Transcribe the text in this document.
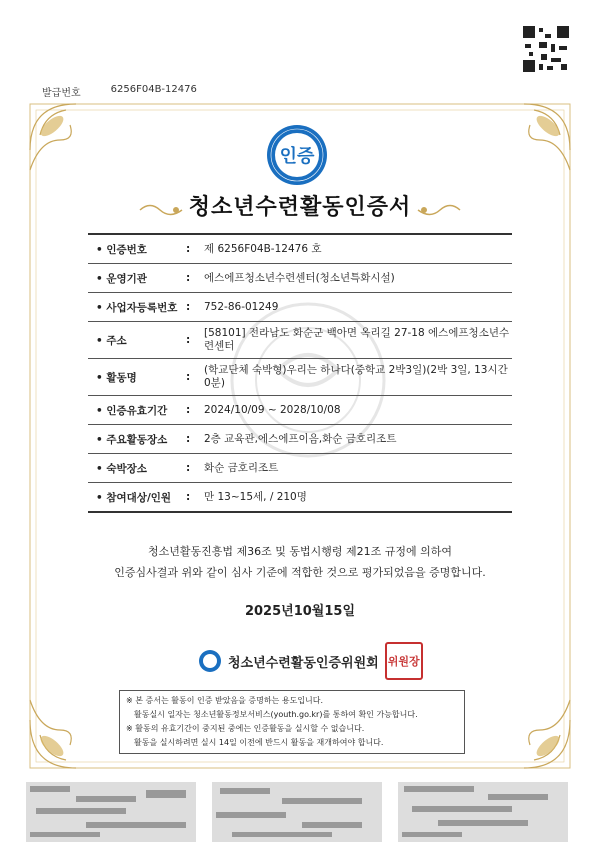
발급번호	6256F04B-12476
인증
청소년수련활동인증서
• 인증번호	:	제 6256F04B-12476 호
• 운영기관	:	에스에프청소년수련센터(청소년특화시설)
• 사업자등록번호 :	752-86-01249
• 주소	:
[58101] 전라남도 화순군 백아면 옥리길 27-18 에스에프청소년수련센터
• 활동명	:
(학교단체 숙박형)우리는 하나다(중학교 2박3일)(2박 3일, 13시간0분)
• 인증유효기간	:	2024/10/09 ~ 2028/10/08
• 주요활동장소	:	2층 교육관,에스에프이음,화순 금호리조트
• 숙박장소	:	화순 금호리조트
• 참여대상/인원	:	만 13~15세, / 210명
청소년활동진흥법 제36조 및 동법시행령 제21조 규정에 의하여
인증심사결과 위와 같이 심사 기준에 적합한 것으로 평가되었음을 증명합니다.
2025년10월15일
청소년수련활동인증위원회 위원장

※ 본 증서는 활동이 인증 받았음을 증명하는 용도입니다.

활동실시 일자는 청소년활동정보서비스(youth.go.kr)를 통하여 확인 가능합니다.

※ 활동의 유효기간이 중지된 중에는 인증활동을 실시할 수 없습니다.

활동을 실시하려면 실시 14일 이전에 반드시 활동을 재개하여야 합니다.
